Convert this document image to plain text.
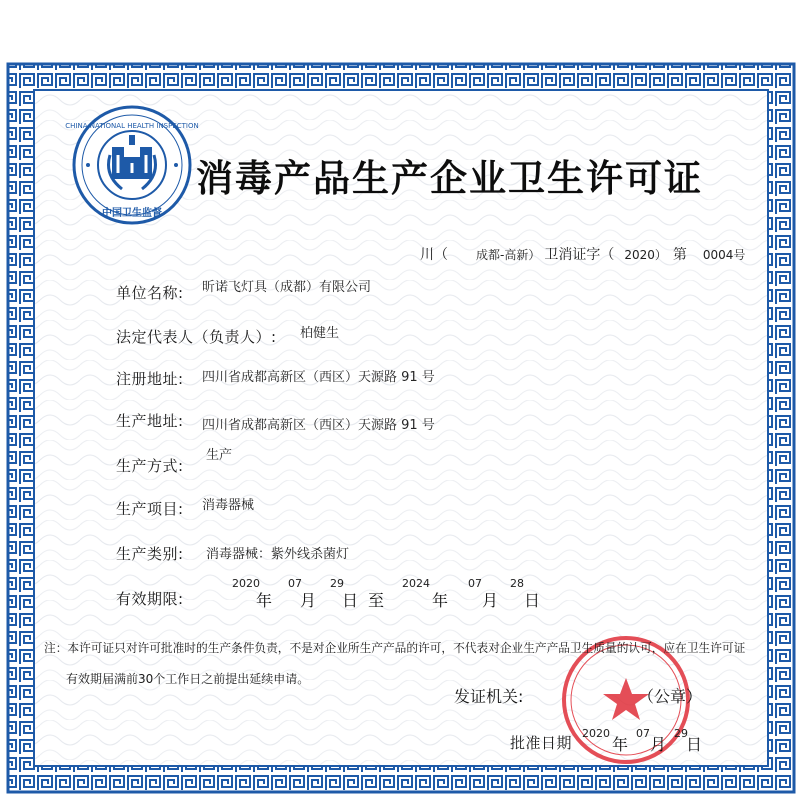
CHINA NATIONAL HEALTH INSPECTION
中国卫生监督
消毒产品生产企业卫生许可证
川（ 成都-高新） 卫消证字（ 2020） 第 0004号
单位名称: 昕诺飞灯具（成都）有限公司
法定代表人（负责人）: 柏健生
注册地址: 四川省成都高新区（西区）天源路 91 号
生产地址: 四川省成都高新区（西区）天源路 91 号
生产方式:
生产
生产项目: 消毒器械
生产类别: 消毒器械：紫外线杀菌灯
有效期限:
2020
年
07
月
29
日 至
2024
年
07
月
28
日
注：本许可证只对许可批准时的生产条件负责，不是对企业所生产产品的许可，不代表对企业生产产品卫生质量的认可，应在卫生许可证
有效期届满前30个工作日之前提出延续申请。
发证机关:	（公章）
批准日期
2020
年
07
月
29
日
